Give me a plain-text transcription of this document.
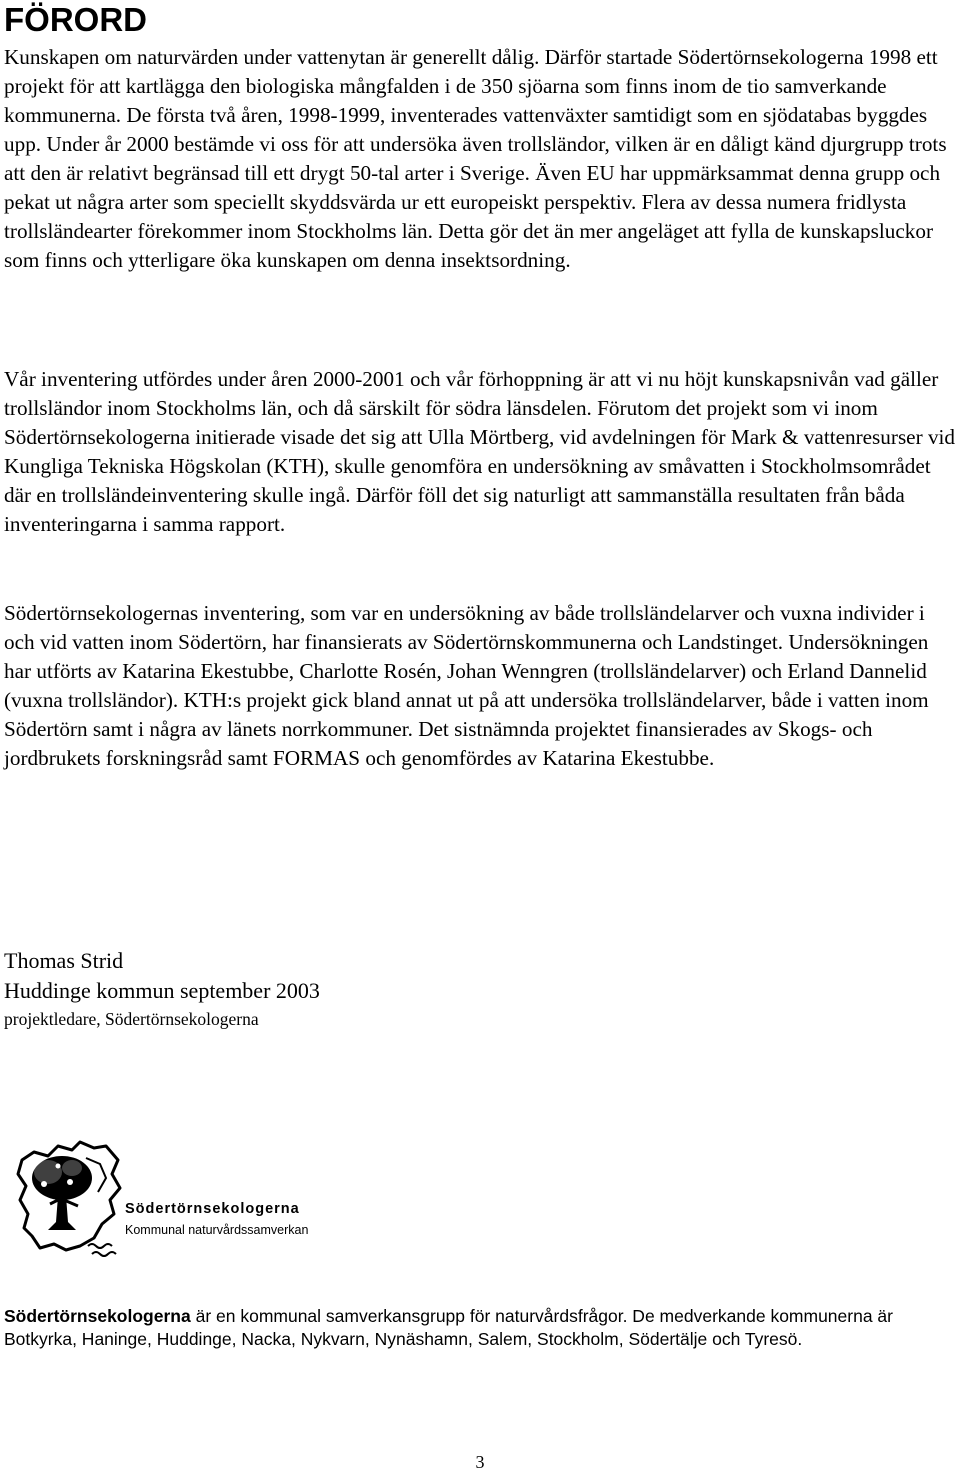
FÖRORD

Kunskapen om naturvärden under vattenytan är generellt dålig. Därför startade Södertörnsekologerna 1998 ett projekt för att kartlägga den biologiska mångfalden i de 350 sjöarna som finns inom de tio samverkande kommunerna. De första två åren, 1998-1999, inventerades vattenväxter samtidigt som en sjödatabas byggdes upp. Under år 2000 bestämde vi oss för att undersöka även trollsländor, vilken är en dåligt känd djurgrupp trots att den är relativt begränsad till ett drygt 50-tal arter i Sverige. Även EU har uppmärksammat denna grupp och pekat ut några arter som speciellt skyddsvärda ur ett europeiskt perspektiv. Flera av dessa numera fridlysta trollsländearter förekommer inom Stockholms län. Detta gör det än mer angeläget att fylla de kunskapsluckor som finns och ytterligare öka kunskapen om denna insektsordning.

Vår inventering utfördes under åren 2000-2001 och vår förhoppning är att vi nu höjt kunskapsnivån vad gäller trollsländor inom Stockholms län, och då särskilt för södra länsdelen. Förutom det projekt som vi inom Södertörnsekologerna initierade visade det sig att Ulla Mörtberg, vid avdelningen för Mark & vattenresurser vid Kungliga Tekniska Högskolan (KTH), skulle genomföra en undersökning av småvatten i Stockholmsområdet där en trollsländeinventering skulle ingå. Därför föll det sig naturligt att sammanställa resultaten från båda inventeringarna i samma rapport.

Södertörnsekologernas inventering, som var en undersökning av både trollsländelarver och vuxna individer i och vid vatten inom Södertörn, har finansierats av Södertörnskommunerna och Landstinget. Undersökningen har utförts av Katarina Ekestubbe, Charlotte Rosén, Johan Wenngren (trollsländelarver) och Erland Dannelid (vuxna trollsländor). KTH:s projekt gick bland annat ut på att undersöka trollsländelarver, både i vatten inom Södertörn samt i några av länets norrkommuner. Det sistnämnda projektet finansierades av Skogs- och jordbrukets forskningsråd samt FORMAS och genomfördes av Katarina Ekestubbe.

Thomas Strid
Huddinge kommun september 2003
projektledare, Södertörnsekologerna
Södertörnsekologerna
Kommunal naturvårdssamverkan

Södertörnsekologerna är en kommunal samverkansgrupp för naturvårdsfrågor. De medverkande kommunerna är Botkyrka, Haninge, Huddinge, Nacka, Nykvarn, Nynäshamn, Salem, Stockholm, Södertälje och Tyresö.

3
